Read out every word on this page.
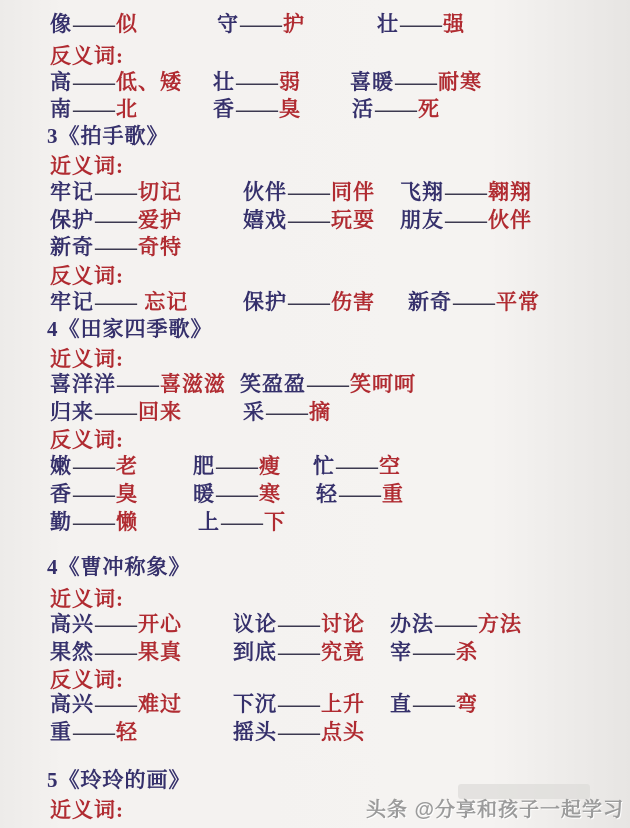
像——似	守——护	壮——强
反义词:
高——低、矮 壮——弱 喜暖——耐寒
南——北	香——臭 活——死
3《拍手歌》
近义词:
牢记——切记	伙伴——同伴 飞翔——翱翔
保护——爱护	嬉戏——玩耍 朋友——伙伴
新奇——奇特
反义词:
牢记—— 忘记	保护——伤害 新奇——平常
4《田家四季歌》
近义词:
喜洋洋——喜滋滋 笑盈盈——笑呵呵
归来——回来	采——摘
反义词:
嫩——老	肥——瘦 忙——空
香——臭	暖——寒 轻——重
勤——懒	上——下
4《曹冲称象》
近义词:
高兴——开心 议论——讨论 办法——方法
果然——果真 到底——究竟 宰——杀
反义词:
高兴——难过 下沉——上升 直——弯
重——轻	摇头——点头
5《玲玲的画》
近义词:	头条 @分享和孩子一起学习
